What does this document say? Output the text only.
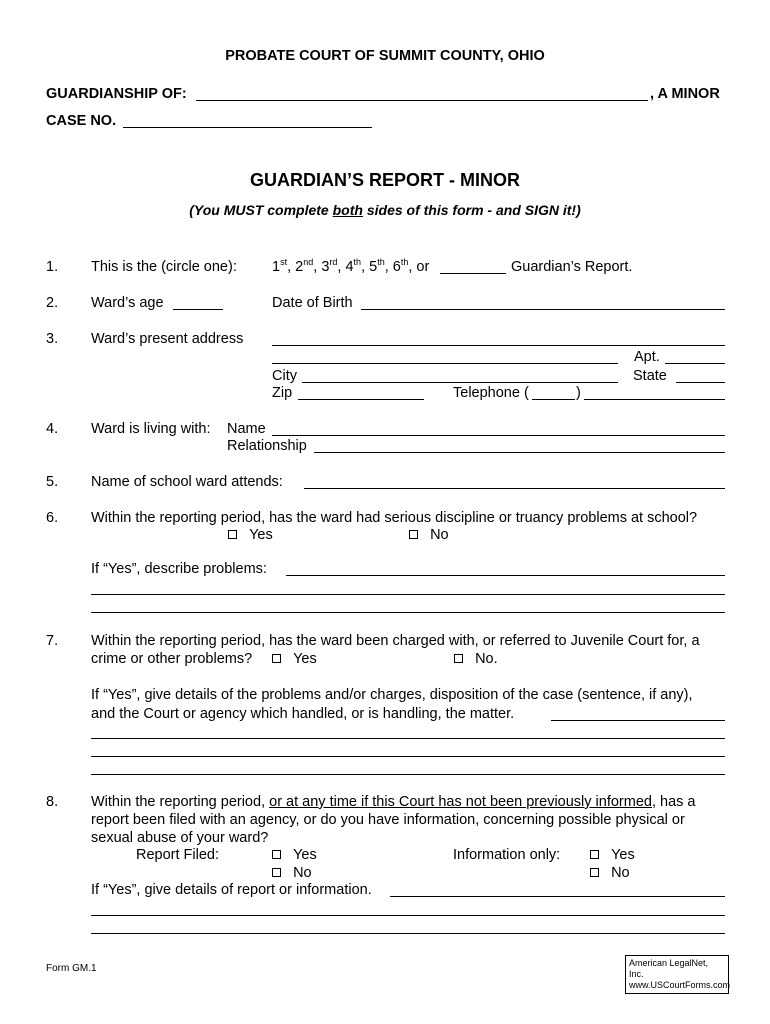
PROBATE COURT OF SUMMIT COUNTY, OHIO
GUARDIANSHIP OF:	, A MINOR
CASE NO.
GUARDIAN’S REPORT - MINOR
(You MUST complete both sides of this form - and SIGN it!)
1. This is the (circle one): 1st, 2nd, 3rd, 4th, 5th, 6th, or	Guardian’s Report.
2. Ward’s age	Date of Birth
3. Ward’s present address
Apt.
City	State
Zip	Telephone (	)
4. Ward is living with: Name
Relationship
5. Name of school ward attends:
6. Within the reporting period, has the ward had serious discipline or truancy problems at school?
Yes	No
If “Yes”, describe problems:
7. Within the reporting period, has the ward been charged with, or referred to Juvenile Court for, a
crime or other problems?	Yes	No.
If “Yes”, give details of the problems and/or charges, disposition of the case (sentence, if any),
and the Court or agency which handled, or is handling, the matter.
8. Within the reporting period, or at any time if this Court has not been previously informed, has a
report been filed with an agency, or do you have information, concerning possible physical or
sexual abuse of your ward?
Report Filed:	Yes
No
Information only:	Yes
No
If “Yes”, give details of report or information.
Form GM.1	American LegalNet, Inc.
www.USCourtForms.com
